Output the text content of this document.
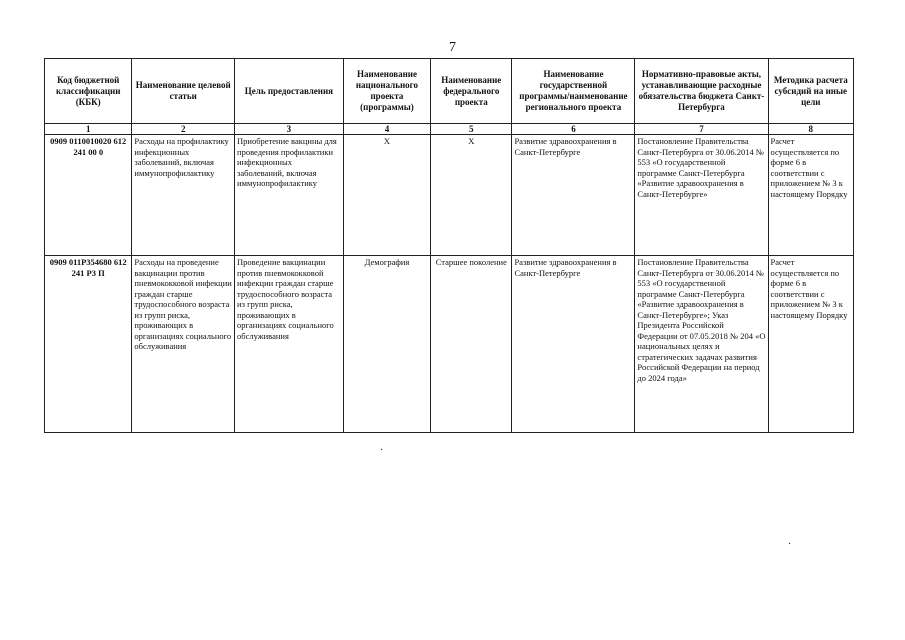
7
Код бюджетной классификации (КБК)	Наименование целевой статьи	Цель предоставления	Наименование национального проекта (программы)	Наименование федерального проекта	Наименование государственной программы/наименование регионального проекта	Нормативно-правовые акты, устанавливающие расходные обязательства бюджета Санкт-Петербурга	Методика расчета субсидий на иные цели
1	2	3	4	5	6	7	8
0909 0110010020 612 241 00 0	Расходы на профилактику инфекционных заболеваний, включая иммунопрофилактику	Приобретение вакцины для проведения профилактики инфекционных заболеваний, включая иммунопрофилактику	Х	Х	Развитие здравоохранения в Санкт-Петербурге	Постановление Правительства Санкт-Петербурга от 30.06.2014 № 553 «О государственной программе Санкт-Петербурга «Развитие здравоохранения в Санкт-Петербурге»	Расчет осуществляется по форме 6 в соответствии с приложением № 3 к настоящему Порядку
0909 011P354680 612 241 P3 П	Расходы на проведение вакцинации против пневмококковой инфекции граждан старше трудоспособного возраста из групп риска, проживающих в организациях социального обслуживания	Проведение вакцинации против пневмококковой инфекции граждан старше трудоспособного возраста из групп риска, проживающих в организациях социального обслуживания	Демография	Старшее поколение	Развитие здравоохранения в Санкт-Петербурге	Постановление Правительства Санкт-Петербурга от 30.06.2014 № 553 «О государственной программе Санкт-Петербурга «Развитие здравоохранения в Санкт-Петербурге»; Указ Президента Российской Федерации от 07.05.2018 № 204 «О национальных целях и стратегических задачах развития Российской Федерации на период до 2024 года»	Расчет осуществляется по форме 6 в соответствии с приложением № 3 к настоящему Порядку
·
·
